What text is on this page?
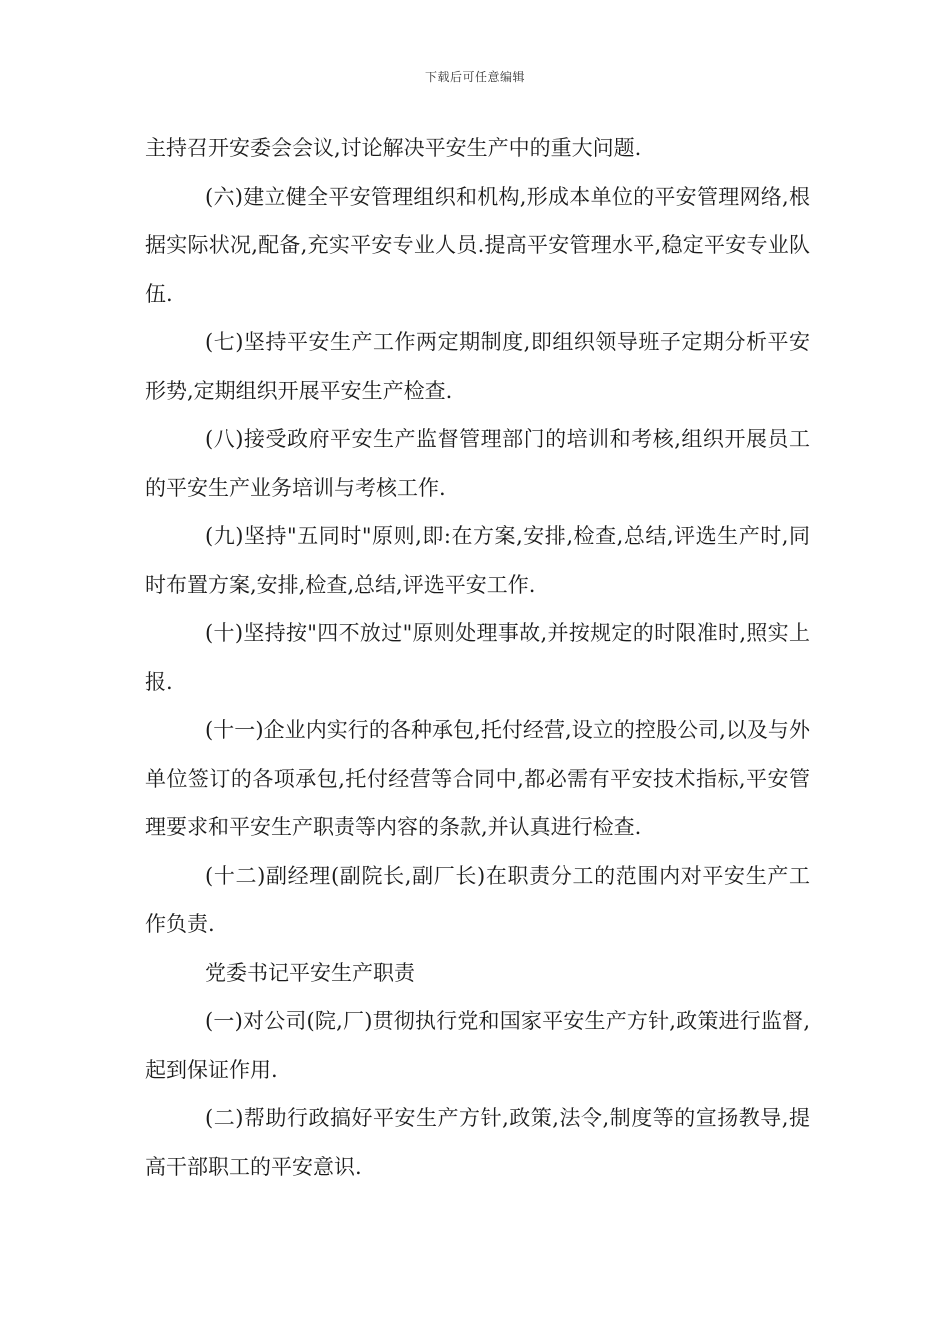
下载后可任意编辑

主持召开安委会会议,讨论解决平安生产中的重大问题.

(六)建立健全平安管理组织和机构,形成本单位的平安管理网络,根据实际状况,配备,充实平安专业人员.提高平安管理水平,稳定平安专业队伍.

(七)坚持平安生产工作两定期制度,即组织领导班子定期分析平安形势,定期组织开展平安生产检查.

(八)接受政府平安生产监督管理部门的培训和考核,组织开展员工的平安生产业务培训与考核工作.

(九)坚持"五同时"原则,即:在方案,安排,检查,总结,评选生产时,同时布置方案,安排,检查,总结,评选平安工作.

(十)坚持按"四不放过"原则处理事故,并按规定的时限准时,照实上报.

(十一)企业内实行的各种承包,托付经营,设立的控股公司,以及与外单位签订的各项承包,托付经营等合同中,都必需有平安技术指标,平安管理要求和平安生产职责等内容的条款,并认真进行检查.

(十二)副经理(副院长,副厂长)在职责分工的范围内对平安生产工作负责.

党委书记平安生产职责

(一)对公司(院,厂)贯彻执行党和国家平安生产方针,政策进行监督,起到保证作用.

(二)帮助行政搞好平安生产方针,政策,法令,制度等的宣扬教导,提高干部职工的平安意识.
